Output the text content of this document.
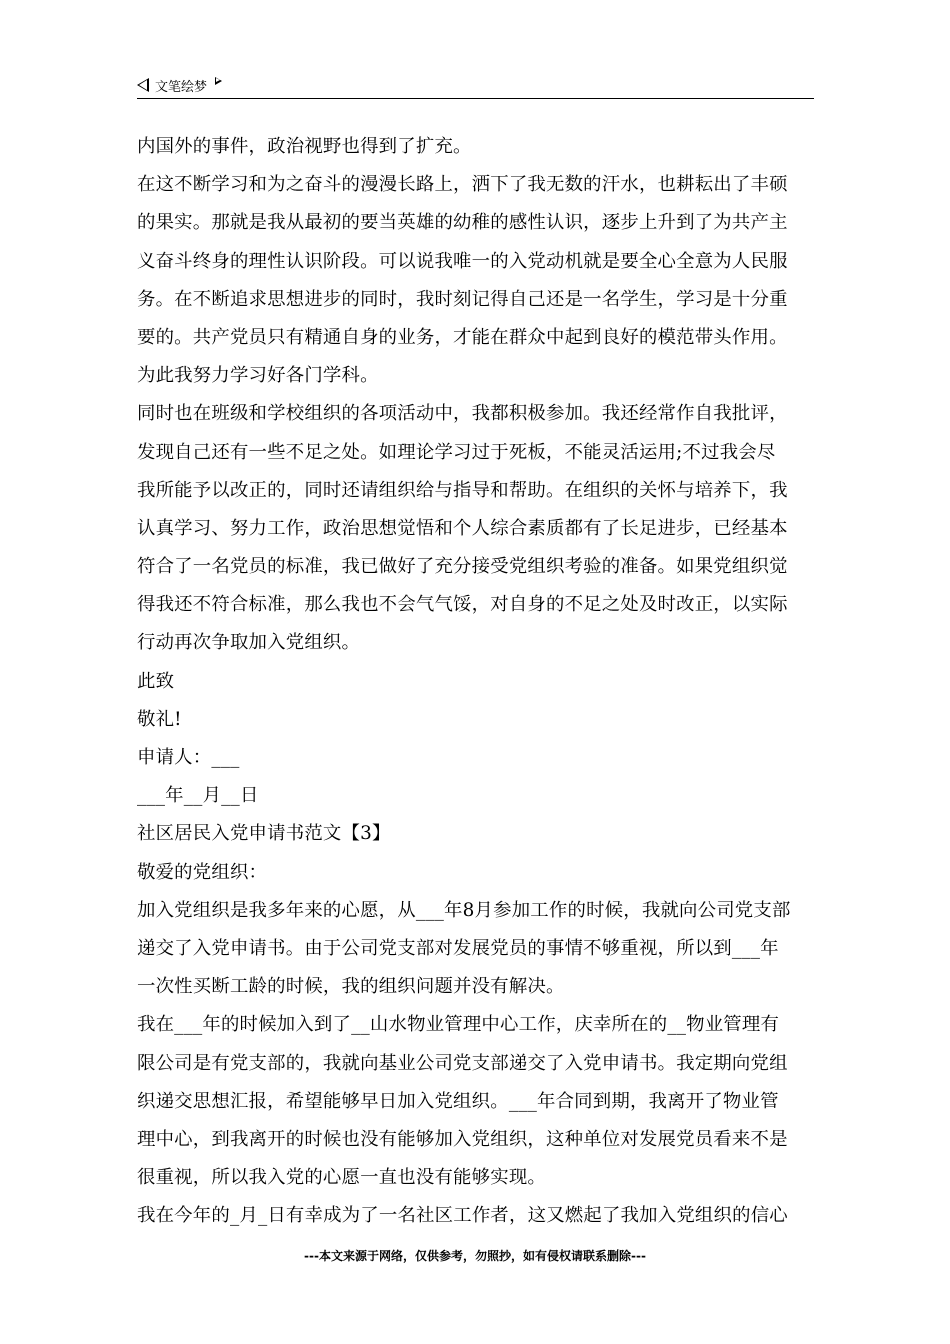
文笔绘梦
内国外的事件，政治视野也得到了扩充。
在这不断学习和为之奋斗的漫漫长路上，洒下了我无数的汗水，也耕耘出了丰硕
的果实。那就是我从最初的要当英雄的幼稚的感性认识，逐步上升到了为共产主
义奋斗终身的理性认识阶段。可以说我唯一的入党动机就是要全心全意为人民服
务。在不断追求思想进步的同时，我时刻记得自己还是一名学生，学习是十分重
要的。共产党员只有精通自身的业务，才能在群众中起到良好的模范带头作用。
为此我努力学习好各门学科。
同时也在班级和学校组织的各项活动中，我都积极参加。我还经常作自我批评，
发现自己还有一些不足之处。如理论学习过于死板，不能灵活运用;不过我会尽
我所能予以改正的，同时还请组织给与指导和帮助。在组织的关怀与培养下，我
认真学习、努力工作，政治思想觉悟和个人综合素质都有了长足进步，已经基本
符合了一名党员的标准，我已做好了充分接受党组织考验的准备。如果党组织觉
得我还不符合标准，那么我也不会气气馁，对自身的不足之处及时改正，以实际
行动再次争取加入党组织。
此致
敬礼!
申请人：___
___年__月__日
社区居民入党申请书范文【3】
敬爱的党组织：
加入党组织是我多年来的心愿，从___年8月参加工作的时候，我就向公司党支部
递交了入党申请书。由于公司党支部对发展党员的事情不够重视，所以到___年
一次性买断工龄的时候，我的组织问题并没有解决。
我在___年的时候加入到了__山水物业管理中心工作，庆幸所在的__物业管理有
限公司是有党支部的，我就向基业公司党支部递交了入党申请书。我定期向党组
织递交思想汇报，希望能够早日加入党组织。___年合同到期，我离开了物业管
理中心，到我离开的时候也没有能够加入党组织，这种单位对发展党员看来不是
很重视，所以我入党的心愿一直也没有能够实现。
我在今年的_月_日有幸成为了一名社区工作者，这又燃起了我加入党组织的信心
---本文来源于网络，仅供参考，勿照抄，如有侵权请联系删除---
